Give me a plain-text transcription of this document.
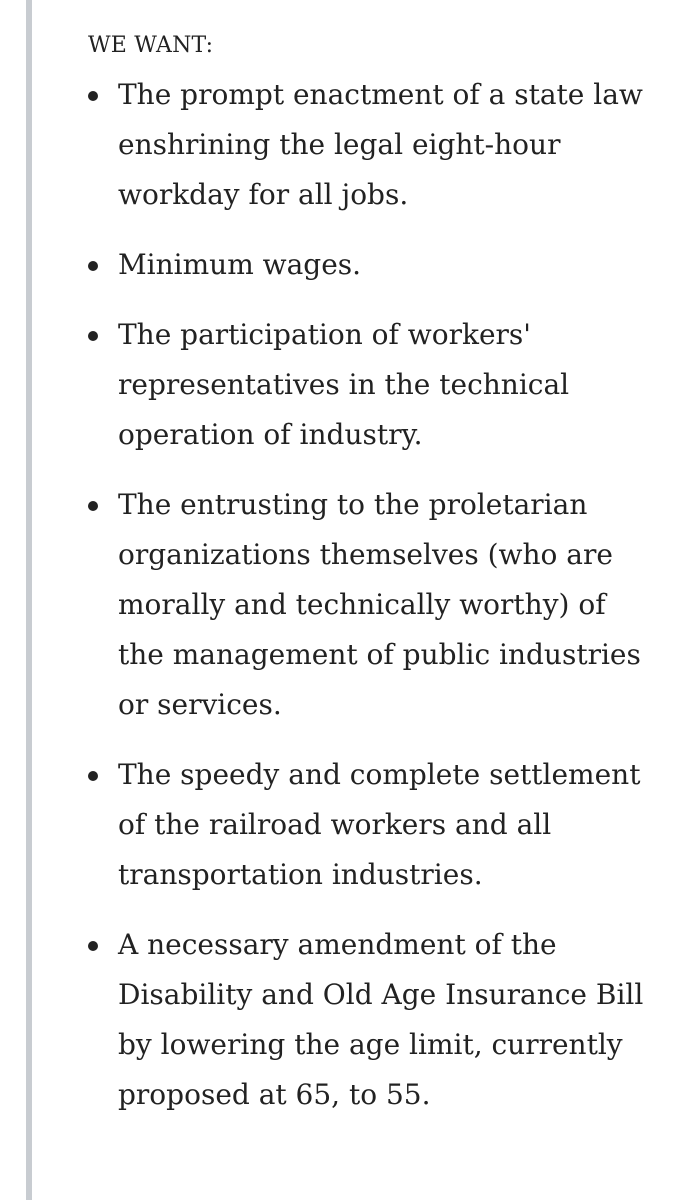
WE WANT:

The prompt enactment of a state law enshrining the legal eight-hour workday for all jobs.
Minimum wages.
The participation of workers' representatives in the technical operation of industry.
The entrusting to the proletarian organizations themselves (who are morally and technically worthy) of the management of public industries or services.
The speedy and complete settlement of the railroad workers and all transportation industries.
A necessary amendment of the Disability and Old Age Insurance Bill by lowering the age limit, currently proposed at 65, to 55.
